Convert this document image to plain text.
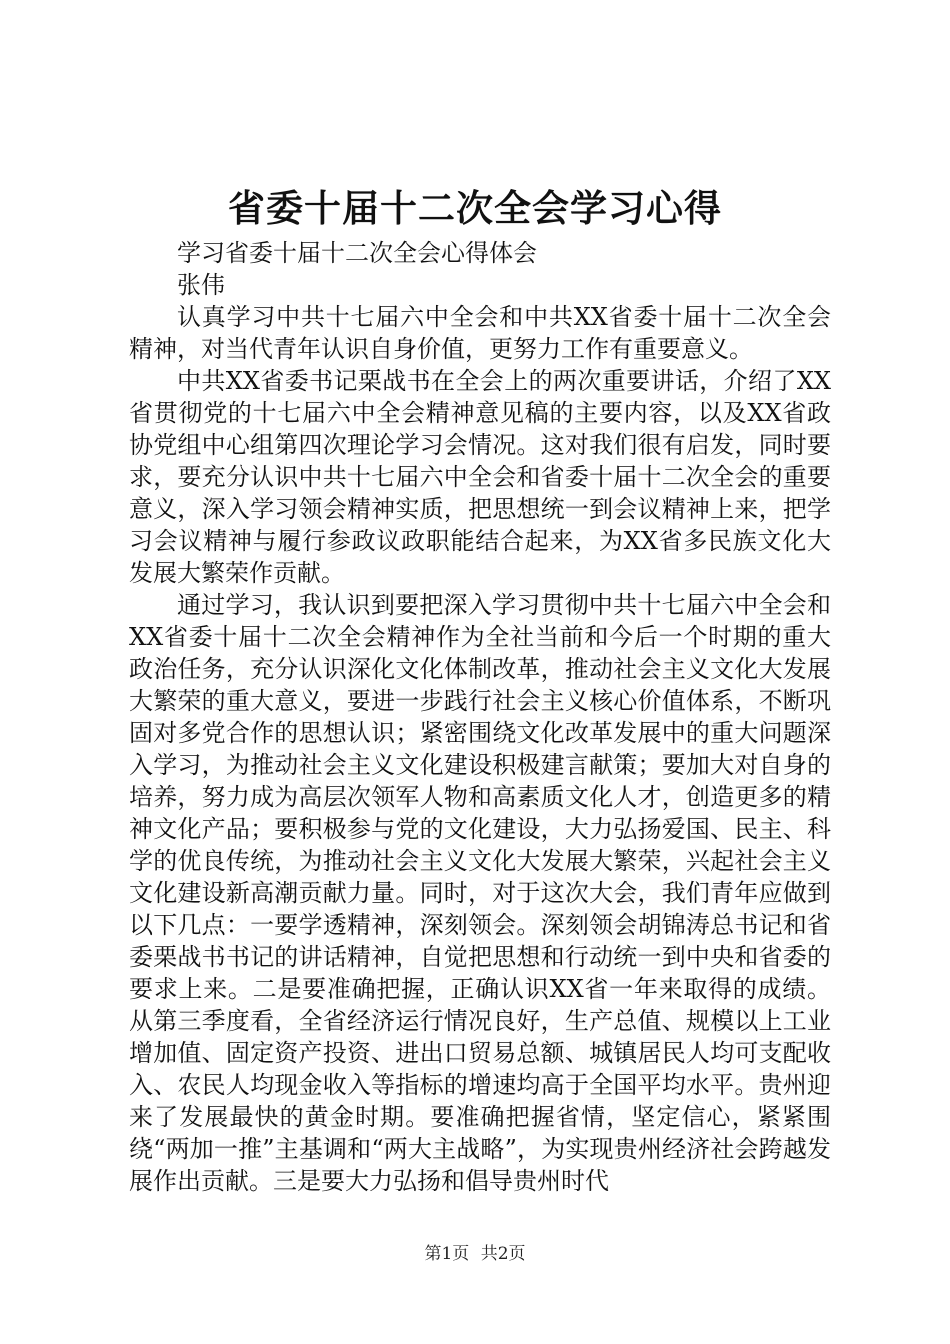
省委十届十二次全会学习心得

学习省委十届十二次全会心得体会

张伟

认真学习中共十七届六中全会和中共XX省委十届十二次全会精神，对当代青年认识自身价值，更努力工作有重要意义。

中共XX省委书记栗战书在全会上的两次重要讲话，介绍了XX省贯彻党的十七届六中全会精神意见稿的主要内容，以及XX省政协党组中心组第四次理论学习会情况。这对我们很有启发，同时要求，要充分认识中共十七届六中全会和省委十届十二次全会的重要意义，深入学习领会精神实质，把思想统一到会议精神上来，把学习会议精神与履行参政议政职能结合起来，为XX省多民族文化大发展大繁荣作贡献。

通过学习，我认识到要把深入学习贯彻中共十七届六中全会和XX省委十届十二次全会精神作为全社当前和今后一个时期的重大政治任务，充分认识深化文化体制改革，推动社会主义文化大发展大繁荣的重大意义，要进一步践行社会主义核心价值体系，不断巩固对多党合作的思想认识；紧密围绕文化改革发展中的重大问题深入学习，为推动社会主义文化建设积极建言献策；要加大对自身的培养，努力成为高层次领军人物和高素质文化人才，创造更多的精神文化产品；要积极参与党的文化建设，大力弘扬爱国、民主、科学的优良传统，为推动社会主义文化大发展大繁荣，兴起社会主义文化建设新高潮贡献力量。同时，对于这次大会，我们青年应做到以下几点：一要学透精神，深刻领会。深刻领会胡锦涛总书记和省委栗战书书记的讲话精神，自觉把思想和行动统一到中央和省委的要求上来。二是要准确把握，正确认识XX省一年来取得的成绩。从第三季度看，全省经济运行情况良好，生产总值、规模以上工业增加值、固定资产投资、进出口贸易总额、城镇居民人均可支配收入、农民人均现金收入等指标的增速均高于全国平均水平。贵州迎来了发展最快的黄金时期。要准确把握省情，坚定信心，紧紧围绕“两加一推”主基调和“两大主战略”，为实现贵州经济社会跨越发展作出贡献。三是要大力弘扬和倡导贵州时代

第1页 共2页
